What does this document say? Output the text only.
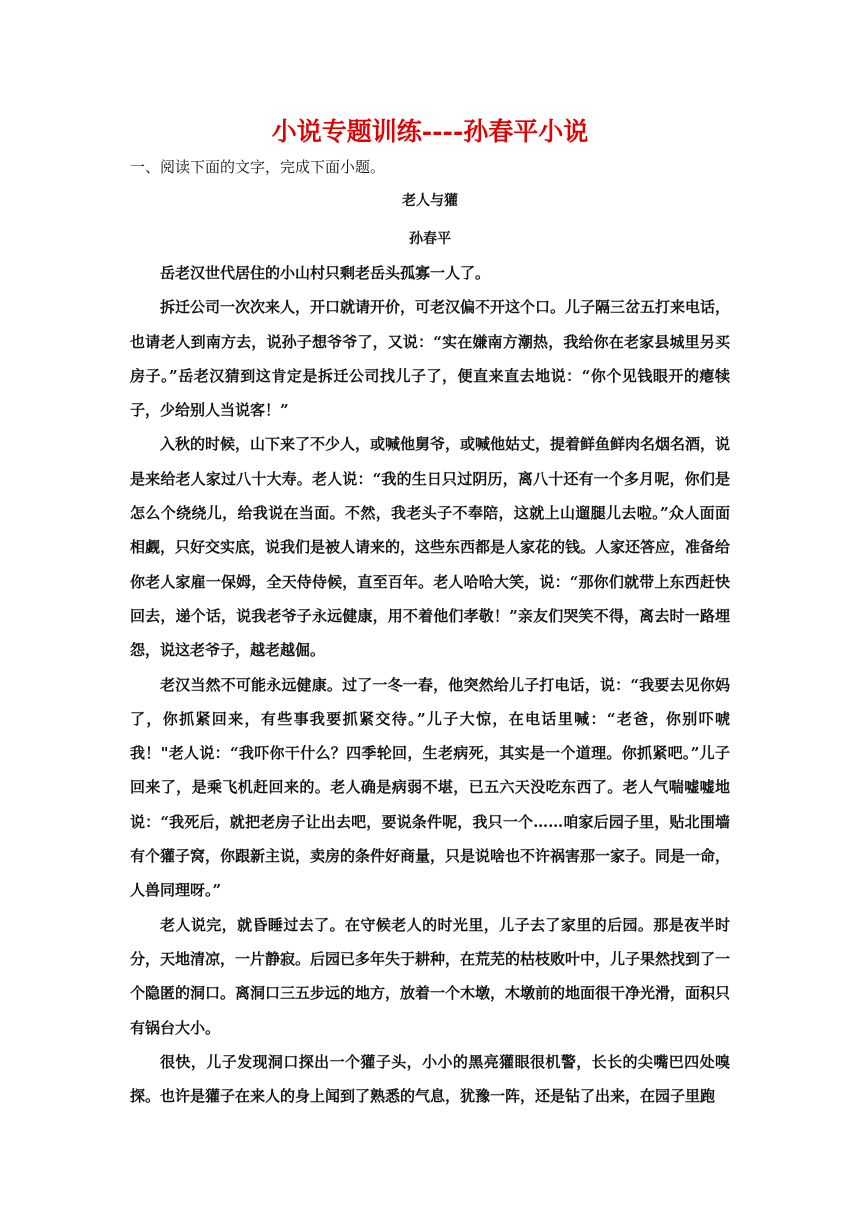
小说专题训练----孙春平小说
一、阅读下面的文字，完成下面小题。
老人与獾
孙春平

岳老汉世代居住的小山村只剩老岳头孤寡一人了。

拆迁公司一次次来人，开口就请开价，可老汉偏不开这个口。儿子隔三岔五打来电话，也请老人到南方去，说孙子想爷爷了，又说：“实在嫌南方潮热，我给你在老家县城里另买房子。”岳老汉猜到这肯定是拆迁公司找儿子了，便直来直去地说：“你个见钱眼开的瘪犊子，少给别人当说客！”

入秋的时候，山下来了不少人，或喊他舅爷，或喊他姑丈，提着鲜鱼鲜肉名烟名酒，说是来给老人家过八十大寿。老人说：“我的生日只过阴历，离八十还有一个多月呢，你们是怎么个绕绕儿，给我说在当面。不然，我老头子不奉陪，这就上山遛腿儿去啦。”众人面面相觑，只好交实底，说我们是被人请来的，这些东西都是人家花的钱。人家还答应，准备给你老人家雇一保姆，全天侍侍候，直至百年。老人哈哈大笑，说：“那你们就带上东西赶快回去，递个话，说我老爷子永远健康，用不着他们孝敬！”亲友们哭笑不得，离去时一路埋怨，说这老爷子，越老越倔。

老汉当然不可能永远健康。过了一冬一春，他突然给儿子打电话，说：“我要去见你妈了，你抓紧回来，有些事我要抓紧交待。”儿子大惊，在电话里喊：“老爸，你别吓唬我！"老人说：“我吓你干什么？四季轮回，生老病死，其实是一个道理。你抓紧吧。”儿子回来了，是乘飞机赶回来的。老人确是病弱不堪，已五六天没吃东西了。老人气喘嘘嘘地说：“我死后，就把老房子让出去吧，要说条件呢，我只一个……咱家后园子里，贴北围墙有个獾子窝，你跟新主说，卖房的条件好商量，只是说啥也不许祸害那一家子。同是一命，人兽同理呀。”

老人说完，就昏睡过去了。在守候老人的时光里，儿子去了家里的后园。那是夜半时分，天地清凉，一片静寂。后园已多年失于耕种，在荒芜的枯枝败叶中，儿子果然找到了一个隐匿的洞口。离洞口三五步远的地方，放着一个木墩，木墩前的地面很干净光滑，面积只有锅台大小。

很快，儿子发现洞口探出一个獾子头，小小的黑亮獾眼很机警，长长的尖嘴巴四处嗅探。也许是獾子在来人的身上闻到了熟悉的气息，犹豫一阵，还是钻了出来，在园子里跑
